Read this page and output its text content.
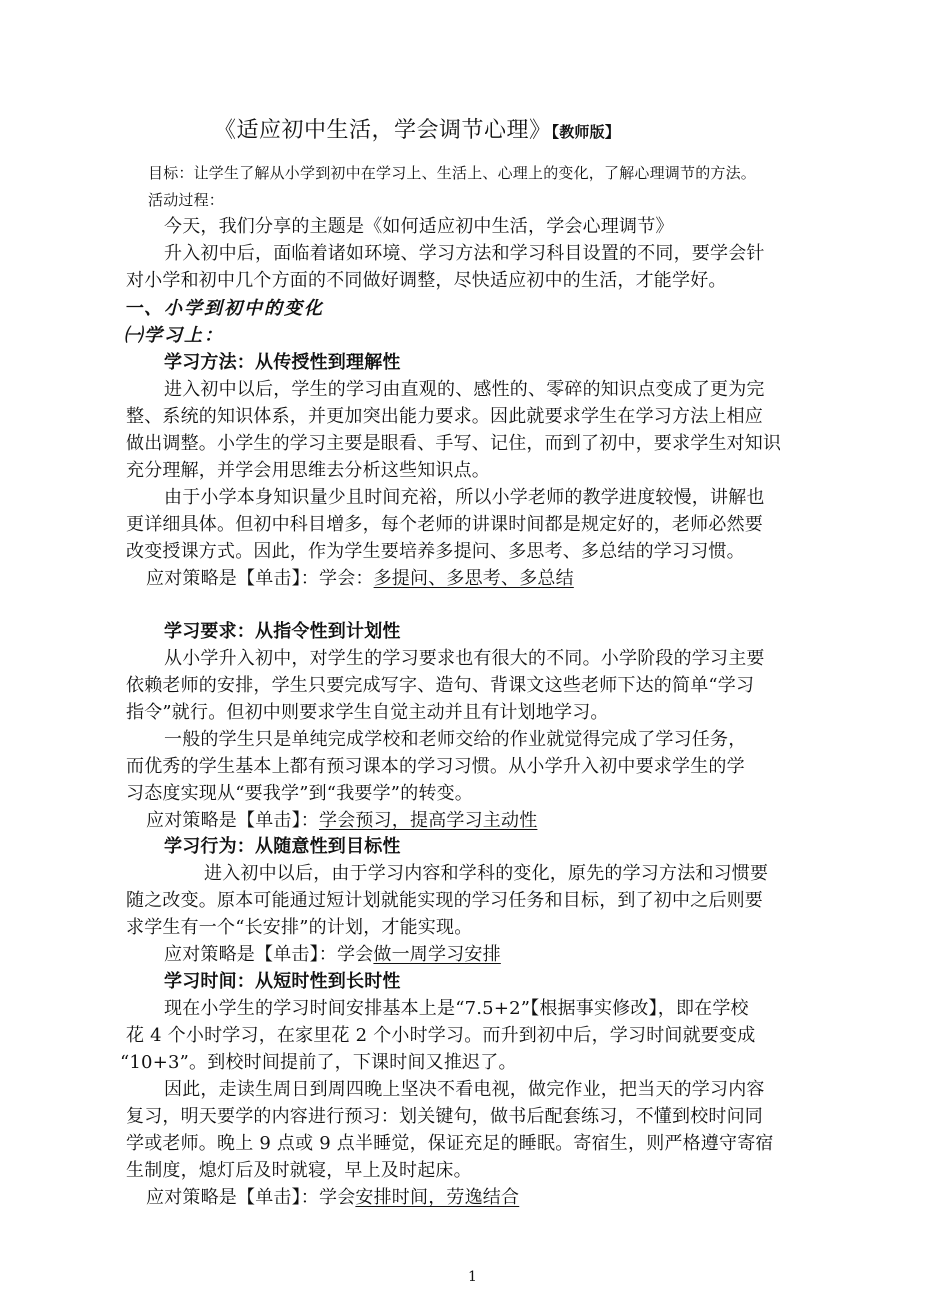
《适应初中生活，学会调节心理》【教师版】
目标：让学生了解从小学到初中在学习上、生活上、心理上的变化，了解心理调节的方法。
活动过程：
今天，我们分享的主题是《如何适应初中生活，学会心理调节》
升入初中后，面临着诸如环境、学习方法和学习科目设置的不同，要学会针
对小学和初中几个方面的不同做好调整，尽快适应初中的生活，才能学好。
一、小学到初中的变化
㈠学习上：
学习方法：从传授性到理解性
进入初中以后，学生的学习由直观的、感性的、零碎的知识点变成了更为完
整、系统的知识体系，并更加突出能力要求。因此就要求学生在学习方法上相应
做出调整。小学生的学习主要是眼看、手写、记住，而到了初中，要求学生对知识
充分理解，并学会用思维去分析这些知识点。
由于小学本身知识量少且时间充裕，所以小学老师的教学进度较慢，讲解也
更详细具体。但初中科目增多，每个老师的讲课时间都是规定好的，老师必然要
改变授课方式。因此，作为学生要培养多提问、多思考、多总结的学习习惯。
应对策略是【单击】：学会：多提问、多思考、多总结
学习要求：从指令性到计划性
从小学升入初中，对学生的学习要求也有很大的不同。小学阶段的学习主要
依赖老师的安排，学生只要完成写字、造句、背课文这些老师下达的简单“学习
指令”就行。但初中则要求学生自觉主动并且有计划地学习。
一般的学生只是单纯完成学校和老师交给的作业就觉得完成了学习任务，
而优秀的学生基本上都有预习课本的学习习惯。从小学升入初中要求学生的学
习态度实现从“要我学”到“我要学”的转变。
应对策略是【单击】：学会预习，提高学习主动性
学习行为：从随意性到目标性
进入初中以后，由于学习内容和学科的变化，原先的学习方法和习惯要
随之改变。原本可能通过短计划就能实现的学习任务和目标，到了初中之后则要
求学生有一个“长安排”的计划，才能实现。
应对策略是【单击】：学会做一周学习安排
学习时间：从短时性到长时性
现在小学生的学习时间安排基本上是“7.5+2”【根据事实修改】，即在学校
花 4 个小时学习，在家里花 2 个小时学习。而升到初中后，学习时间就要变成
“10+3”。到校时间提前了，下课时间又推迟了。
因此，走读生周日到周四晚上坚决不看电视，做完作业，把当天的学习内容
复习，明天要学的内容进行预习：划关键句，做书后配套练习，不懂到校时问同
学或老师。晚上 9 点或 9 点半睡觉，保证充足的睡眠。寄宿生，则严格遵守寄宿
生制度，熄灯后及时就寝，早上及时起床。
应对策略是【单击】：学会安排时间，劳逸结合
1
